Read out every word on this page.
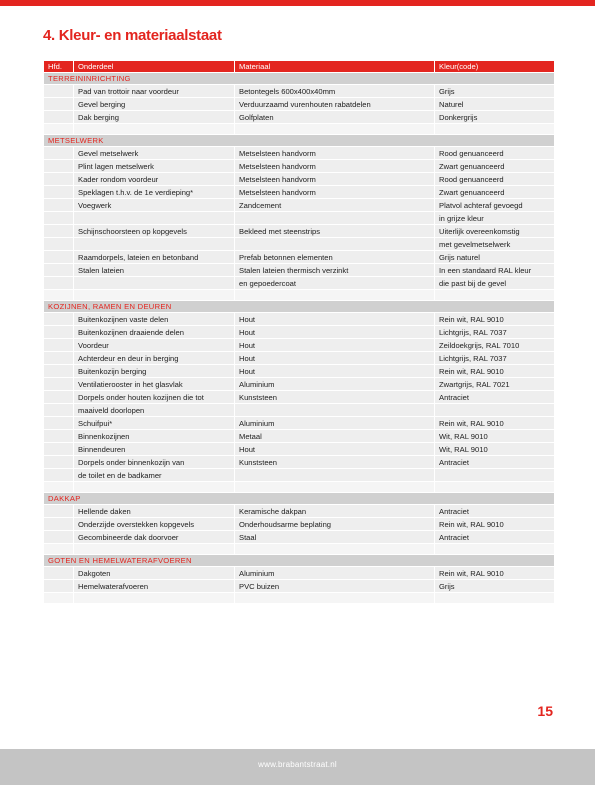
4. Kleur- en materiaalstaat
Hfd.	Onderdeel	Materiaal	Kleur(code)
TERREININRICHTING			
	Pad van trottoir naar voordeur	Betontegels 600x400x40mm	Grijs
	Gevel berging	Verduurzaamd vurenhouten rabatdelen	Naturel
	Dak berging	Golfplaten	Donkergrijs

METSELWERK			
	Gevel metselwerk	Metselsteen handvorm	Rood genuanceerd
	Plint lagen metselwerk	Metselsteen handvorm	Zwart genuanceerd
	Kader rondom voordeur	Metselsteen handvorm	Rood genuanceerd
	Speklagen t.h.v. de 1e verdieping*	Metselsteen handvorm	Zwart genuanceerd
	Voegwerk	Zandcement	Platvol achteraf gevoegd
			in grijze kleur
	Schijnschoorsteen op kopgevels	Bekleed met steenstrips	Uiterlijk overeenkomstig
			met gevelmetselwerk
	Raamdorpels, lateien en betonband	Prefab betonnen elementen	Grijs naturel
	Stalen lateien	Stalen lateien thermisch verzinkt	In een standaard RAL kleur
		en gepoedercoat	die past bij de gevel

KOZIJNEN, RAMEN EN DEUREN			
	Buitenkozijnen vaste delen	Hout	Rein wit, RAL 9010
	Buitenkozijnen draaiende delen	Hout	Lichtgrijs, RAL 7037
	Voordeur	Hout	Zeildoekgrijs, RAL 7010
	Achterdeur en deur in berging	Hout	Lichtgrijs, RAL 7037
	Buitenkozijn berging	Hout	Rein wit, RAL 9010
	Ventilatierooster in het glasvlak	Aluminium	Zwartgrijs, RAL 7021
	Dorpels onder houten kozijnen die tot	Kunststeen	Antraciet
	maaiveld doorlopen		
	Schuifpui*	Aluminium	Rein wit, RAL 9010
	Binnenkozijnen	Metaal	Wit, RAL 9010
	Binnendeuren	Hout	Wit, RAL 9010
	Dorpels onder binnenkozijn van	Kunststeen	Antraciet
	de toilet en de badkamer		

DAKKAP			
	Hellende daken	Keramische dakpan	Antraciet
	Onderzijde overstekken kopgevels	Onderhoudsarme beplating	Rein wit, RAL 9010
	Gecombineerde dak doorvoer	Staal	Antraciet

GOTEN EN HEMELWATERAFVOEREN			
	Dakgoten	Aluminium	Rein wit, RAL 9010
	Hemelwaterafvoeren	PVC buizen	Grijs

15
www.brabantstraat.nl
